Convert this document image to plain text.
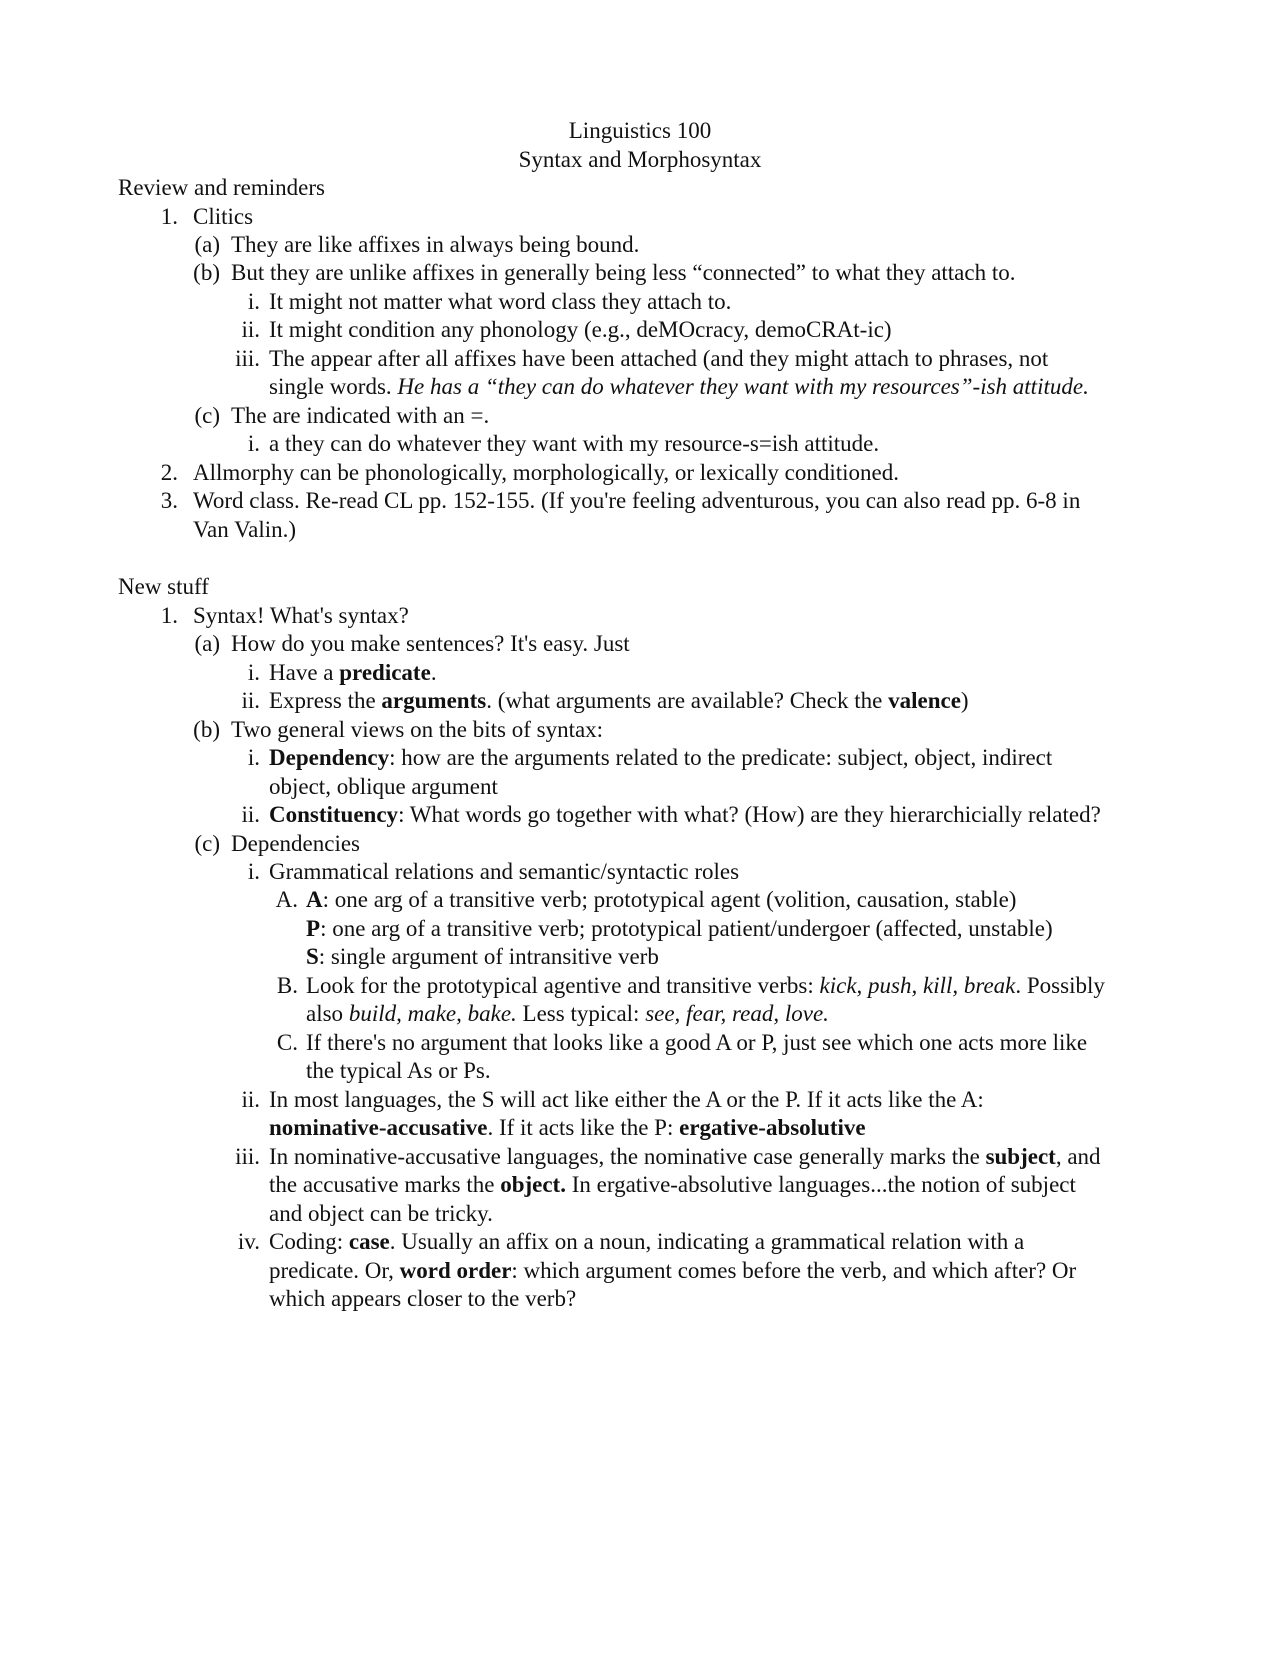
Linguistics 100
Syntax and Morphosyntax
Review and reminders
1. Clitics
(a) They are like affixes in always being bound.
(b) But they are unlike affixes in generally being less “connected” to what they attach to.
i. It might not matter what word class they attach to.
ii. It might condition any phonology (e.g., deMOcracy, demoCRAt-ic)
iii. The appear after all affixes have been attached (and they might attach to phrases, not
single words. He has a “they can do whatever they want with my resources”-ish attitude.
(c) The are indicated with an =.
i. a they can do whatever they want with my resource-s=ish attitude.
2. Allmorphy can be phonologically, morphologically, or lexically conditioned.
3. Word class. Re-read CL pp. 152-155. (If you're feeling adventurous, you can also read pp. 6-8 in
Van Valin.)
New stuff
1. Syntax! What's syntax?
(a) How do you make sentences? It's easy. Just
i. Have a predicate.
ii. Express the arguments. (what arguments are available? Check the valence)
(b) Two general views on the bits of syntax:
i. Dependency: how are the arguments related to the predicate: subject, object, indirect
object, oblique argument
ii. Constituency: What words go together with what? (How) are they hierarchicially related?
(c) Dependencies
i. Grammatical relations and semantic/syntactic roles
A. A: one arg of a transitive verb; prototypical agent (volition, causation, stable)
P: one arg of a transitive verb; prototypical patient/undergoer (affected, unstable)
S: single argument of intransitive verb
B. Look for the prototypical agentive and transitive verbs: kick, push, kill, break. Possibly
also build, make, bake. Less typical: see, fear, read, love.
C. If there's no argument that looks like a good A or P, just see which one acts more like
the typical As or Ps.
ii. In most languages, the S will act like either the A or the P. If it acts like the A:
nominative-accusative. If it acts like the P: ergative-absolutive
iii. In nominative-accusative languages, the nominative case generally marks the subject, and
the accusative marks the object. In ergative-absolutive languages...the notion of subject
and object can be tricky.
iv. Coding: case. Usually an affix on a noun, indicating a grammatical relation with a
predicate. Or, word order: which argument comes before the verb, and which after? Or
which appears closer to the verb?
